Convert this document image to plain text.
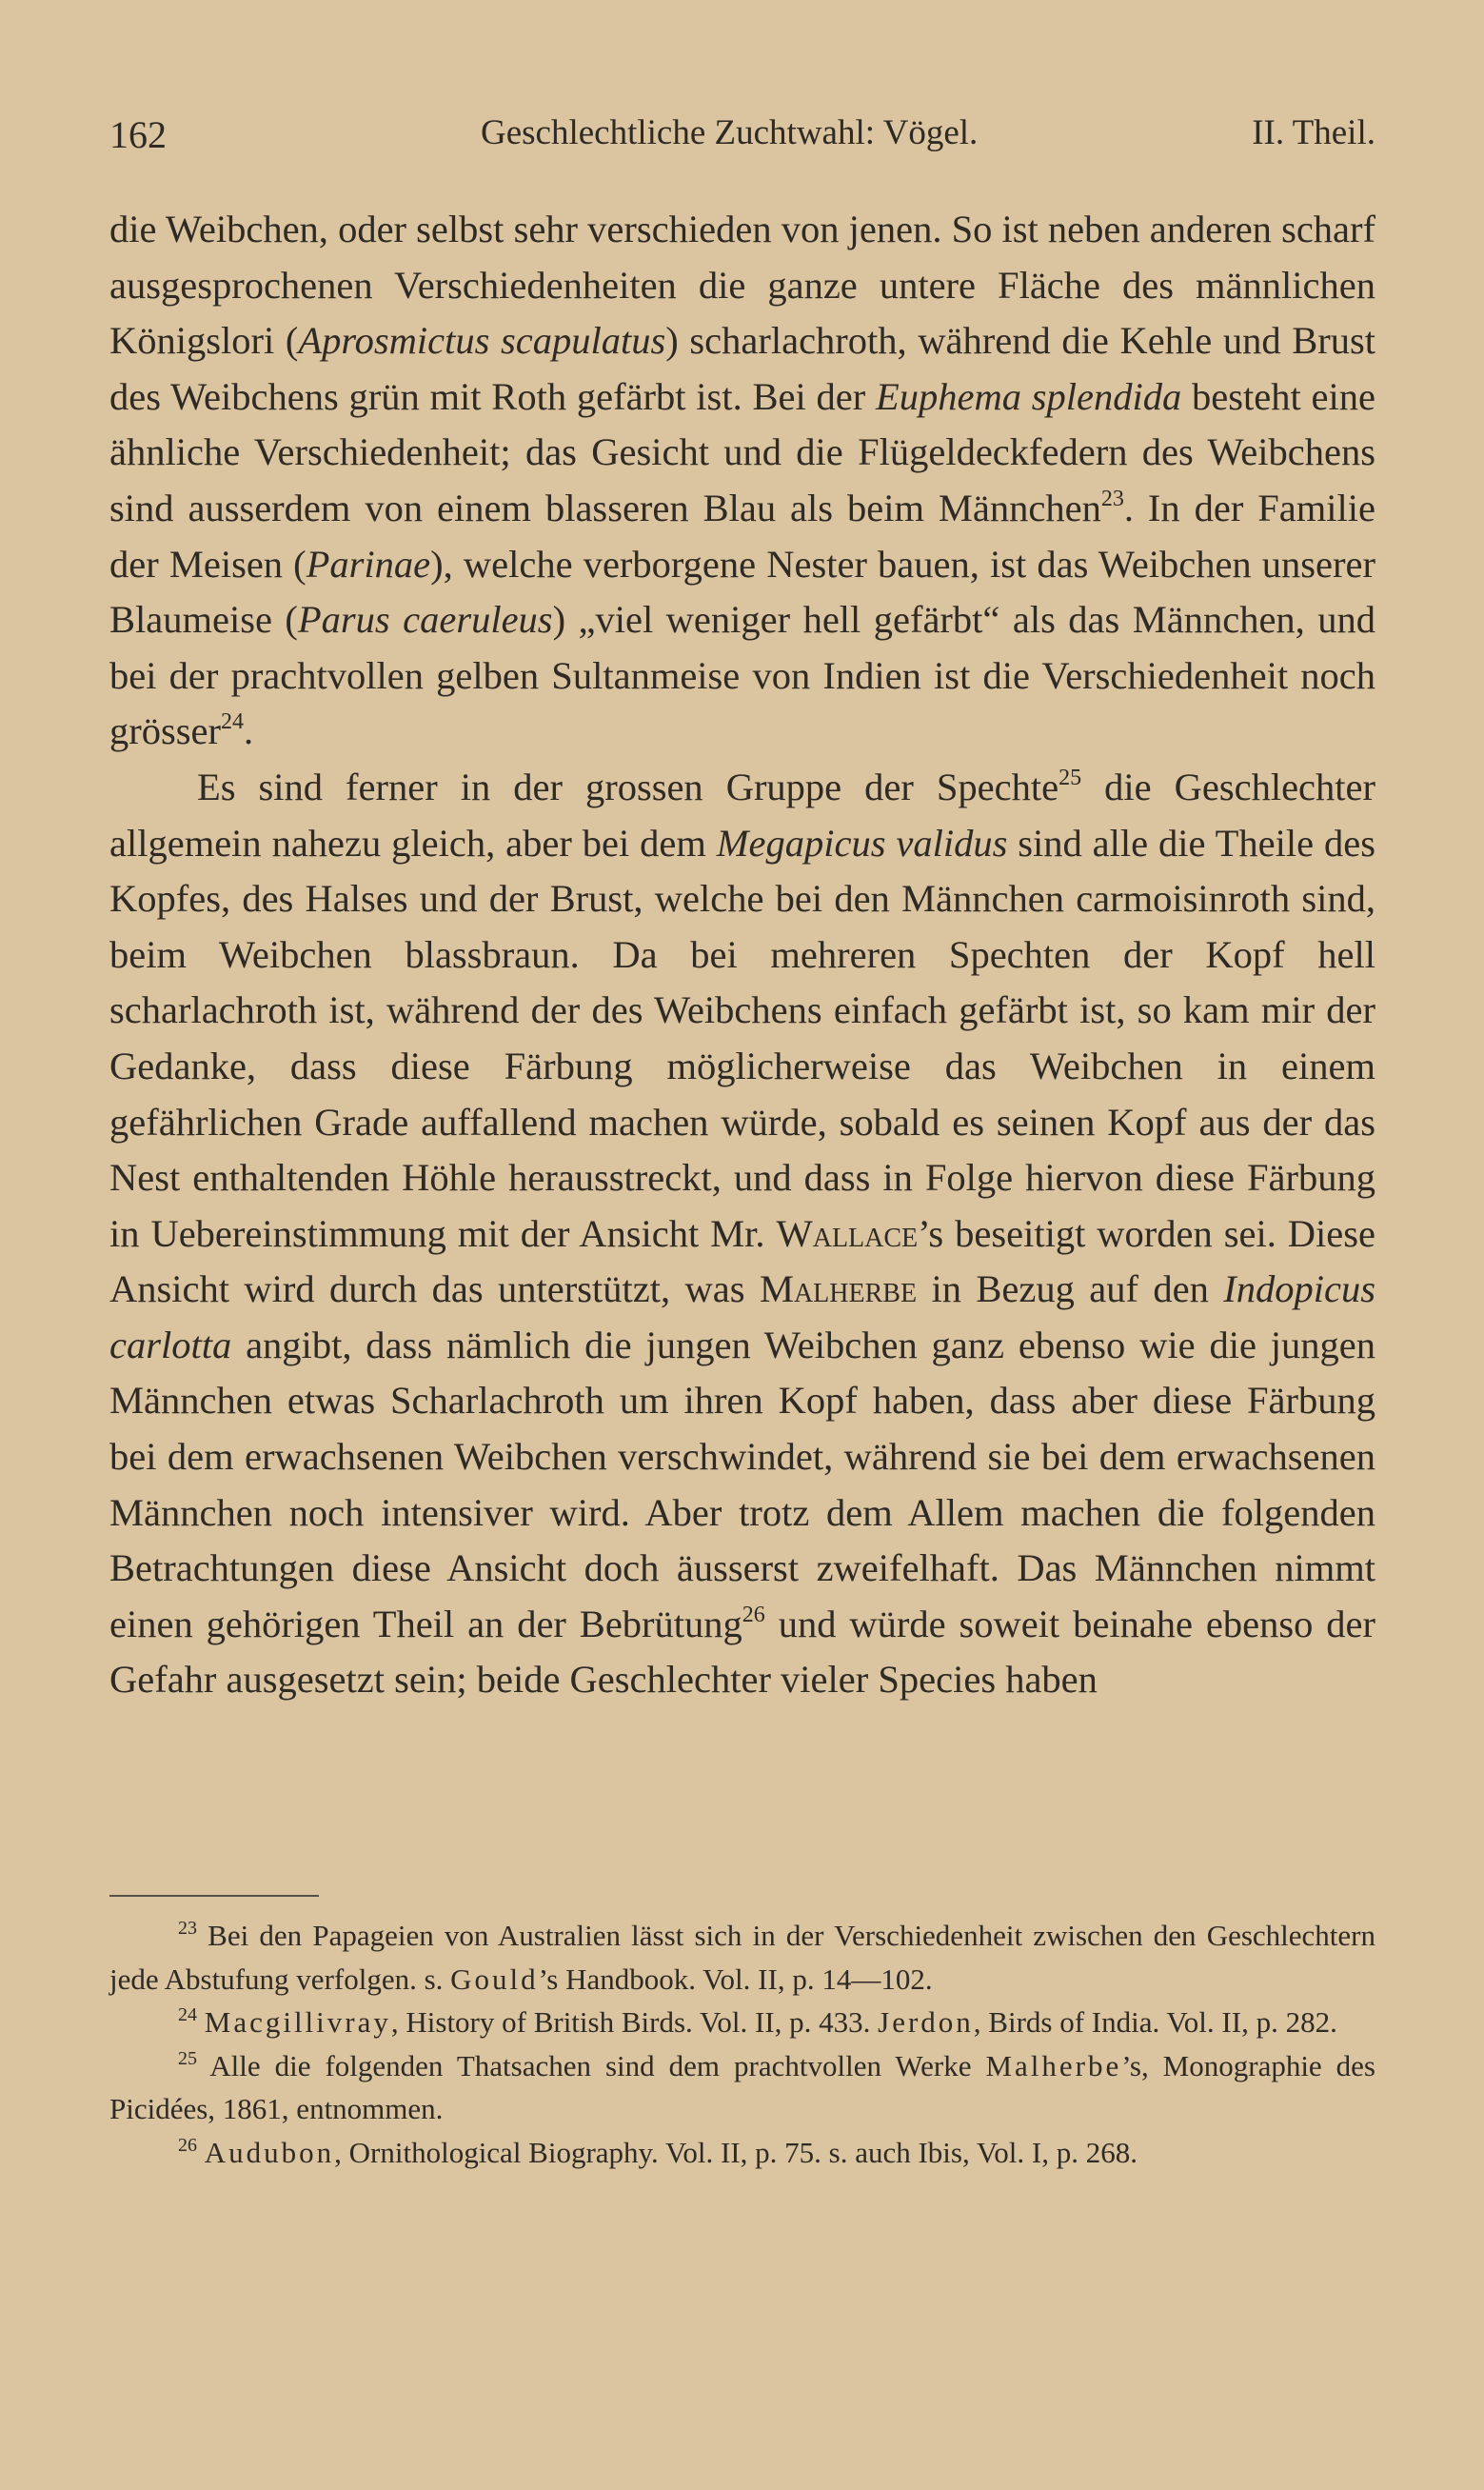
162	Geschlechtliche Zuchtwahl: Vögel.	II. Theil.

die Weibchen, oder selbst sehr verschieden von jenen. So ist neben anderen scharf ausgesprochenen Verschiedenheiten die ganze untere Fläche des männlichen Königslori (Aprosmictus scapulatus) scharlachroth, während die Kehle und Brust des Weibchens grün mit Roth gefärbt ist. Bei der Euphema splendida besteht eine ähnliche Verschiedenheit; das Gesicht und die Flügeldeckfedern des Weibchens sind ausserdem von einem blasseren Blau als beim Männchen$^{23}$. In der Familie der Meisen (Parinae), welche verborgene Nester bauen, ist das Weibchen unserer Blaumeise (Parus caeruleus) „viel weniger hell gefärbt“ als das Männchen, und bei der prachtvollen gelben Sultanmeise von Indien ist die Verschiedenheit noch grösser$^{24}$.

Es sind ferner in der grossen Gruppe der Spechte$^{25}$ die Geschlechter allgemein nahezu gleich, aber bei dem Megapicus validus sind alle die Theile des Kopfes, des Halses und der Brust, welche bei den Männchen carmoisinroth sind, beim Weibchen blassbraun. Da bei mehreren Spechten der Kopf hell scharlachroth ist, während der des Weibchens einfach gefärbt ist, so kam mir der Gedanke, dass diese Färbung möglicherweise das Weibchen in einem gefährlichen Grade auffallend machen würde, sobald es seinen Kopf aus der das Nest enthaltenden Höhle herausstreckt, und dass in Folge hiervon diese Färbung in Uebereinstimmung mit der Ansicht Mr. Wallace’s beseitigt worden sei. Diese Ansicht wird durch das unterstützt, was Malherbe in Bezug auf den Indopicus carlotta angibt, dass nämlich die jungen Weibchen ganz ebenso wie die jungen Männchen etwas Scharlachroth um ihren Kopf haben, dass aber diese Färbung bei dem erwachsenen Weibchen verschwindet, während sie bei dem erwachsenen Männchen noch intensiver wird. Aber trotz dem Allem machen die folgenden Betrachtungen diese Ansicht doch äusserst zweifelhaft. Das Männchen nimmt einen gehörigen Theil an der Bebrütung$^{26}$ und würde soweit beinahe ebenso der Gefahr ausgesetzt sein; beide Geschlechter vieler Species haben

$^{23}$ Bei den Papageien von Australien lässt sich in der Verschiedenheit zwischen den Geschlechtern jede Abstufung verfolgen. s. Gould’s Handbook. Vol. II, p. 14—102.

$^{24}$ Macgillivray, History of British Birds. Vol. II, p. 433. Jerdon, Birds of India. Vol. II, p. 282.

$^{25}$ Alle die folgenden Thatsachen sind dem prachtvollen Werke Malherbe’s, Monographie des Picidées, 1861, entnommen.

$^{26}$ Audubon, Ornithological Biography. Vol. II, p. 75. s. auch Ibis, Vol. I, p. 268.
